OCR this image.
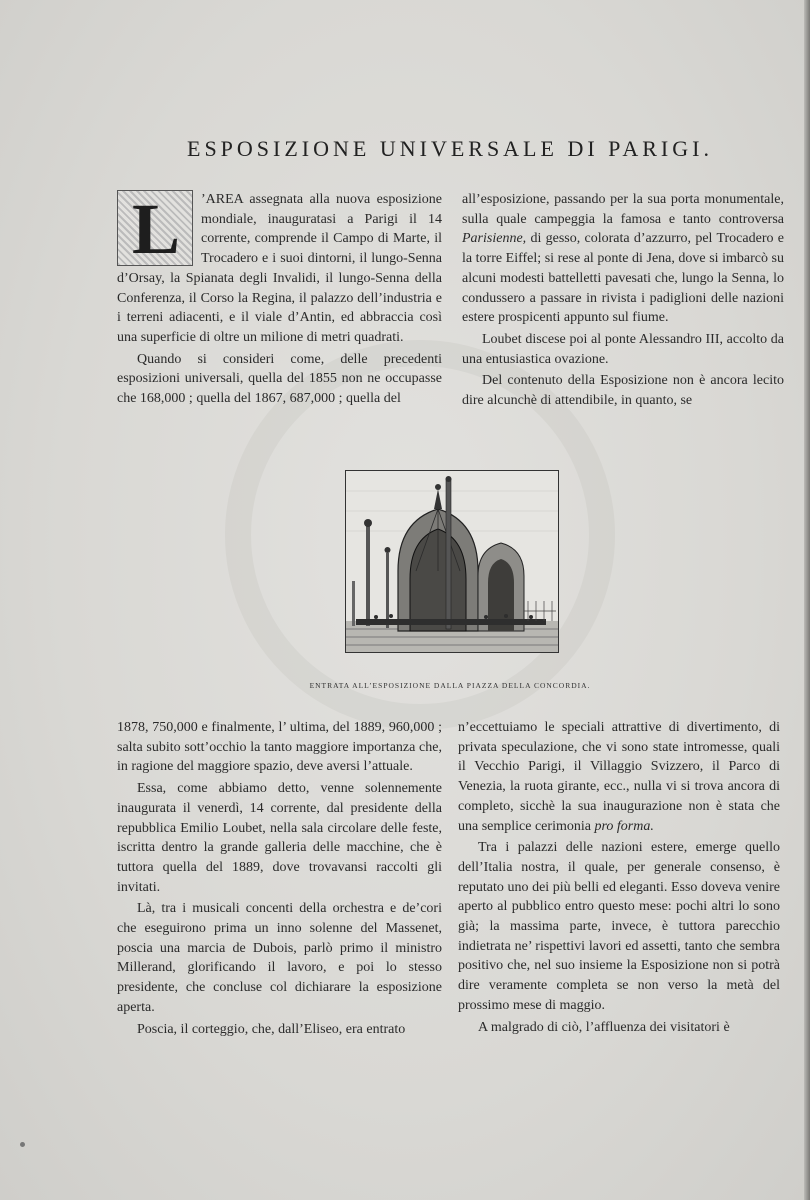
ESPOSIZIONE UNIVERSALE DI PARIGI.

L	’AREA assegnata alla nuova esposizione mondiale, inauguratasi a Parigi il 14 corrente, comprende il Campo di Marte, il Trocadero e i suoi dintorni, il lungo-Senna d’Orsay, la Spianata degli Invalidi, il lungo-Senna della Conferenza, il Corso la Regina, il palazzo dell’industria e i terreni adiacenti, e il viale d’Antin, ed abbraccia così una superficie di oltre un milione di metri quadrati.

Quando si consideri come, delle precedenti esposizioni universali, quella del 1855 non ne occupasse che 168,000 ; quella del 1867, 687,000 ; quella del

all’esposizione, passando per la sua porta monumentale, sulla quale campeggia la famosa e tanto controversa Parisienne, di gesso, colorata d’azzurro, pel Trocadero e la torre Eiffel; si rese al ponte di Jena, dove si imbarcò su alcuni modesti battelletti pavesati che, lungo la Senna, lo condussero a passare in rivista i padiglioni delle nazioni estere prospicenti appunto sul fiume.

Loubet discese poi al ponte Alessandro III, accolto da una entusiastica ovazione.

Del contenuto della Esposizione non è ancora lecito dire alcunchè di attendibile, in quanto, se

ENTRATA ALL’ESPOSIZIONE DALLA PIAZZA DELLA CONCORDIA.

1878, 750,000 e finalmente, l’ ultima, del 1889, 960,000 ; salta subito sott’occhio la tanto maggiore importanza che, in ragione del maggiore spazio, deve aversi l’attuale.

Essa, come abbiamo detto, venne solennemente inaugurata il venerdì, 14 corrente, dal presidente della repubblica Emilio Loubet, nella sala circolare delle feste, iscritta dentro la grande galleria delle macchine, che è tuttora quella del 1889, dove trovavansi raccolti gli invitati.

Là, tra i musicali concenti della orchestra e de’cori che eseguirono prima un inno solenne del Massenet, poscia una marcia de Dubois, parlò primo il ministro Millerand, glorificando il lavoro, e poi lo stesso presidente, che concluse col dichiarare la esposizione aperta.

Poscia, il corteggio, che, dall’Eliseo, era entrato

n’eccettuiamo le speciali attrattive di divertimento, di privata speculazione, che vi sono state intromesse, quali il Vecchio Parigi, il Villaggio Svizzero, il Parco di Venezia, la ruota girante, ecc., nulla vi si trova ancora di completo, sicchè la sua inaugurazione non è stata che una semplice cerimonia pro forma.

Tra i palazzi delle nazioni estere, emerge quello dell’Italia nostra, il quale, per generale consenso, è reputato uno dei più belli ed eleganti. Esso doveva venire aperto al pubblico entro questo mese: pochi altri lo sono già; la massima parte, invece, è tuttora parecchio indietrata ne’ rispettivi lavori ed assetti, tanto che sembra positivo che, nel suo insieme la Esposizione non si potrà dire veramente completa se non verso la metà del prossimo mese di maggio.

A malgrado di ciò, l’affluenza dei visitatori è
